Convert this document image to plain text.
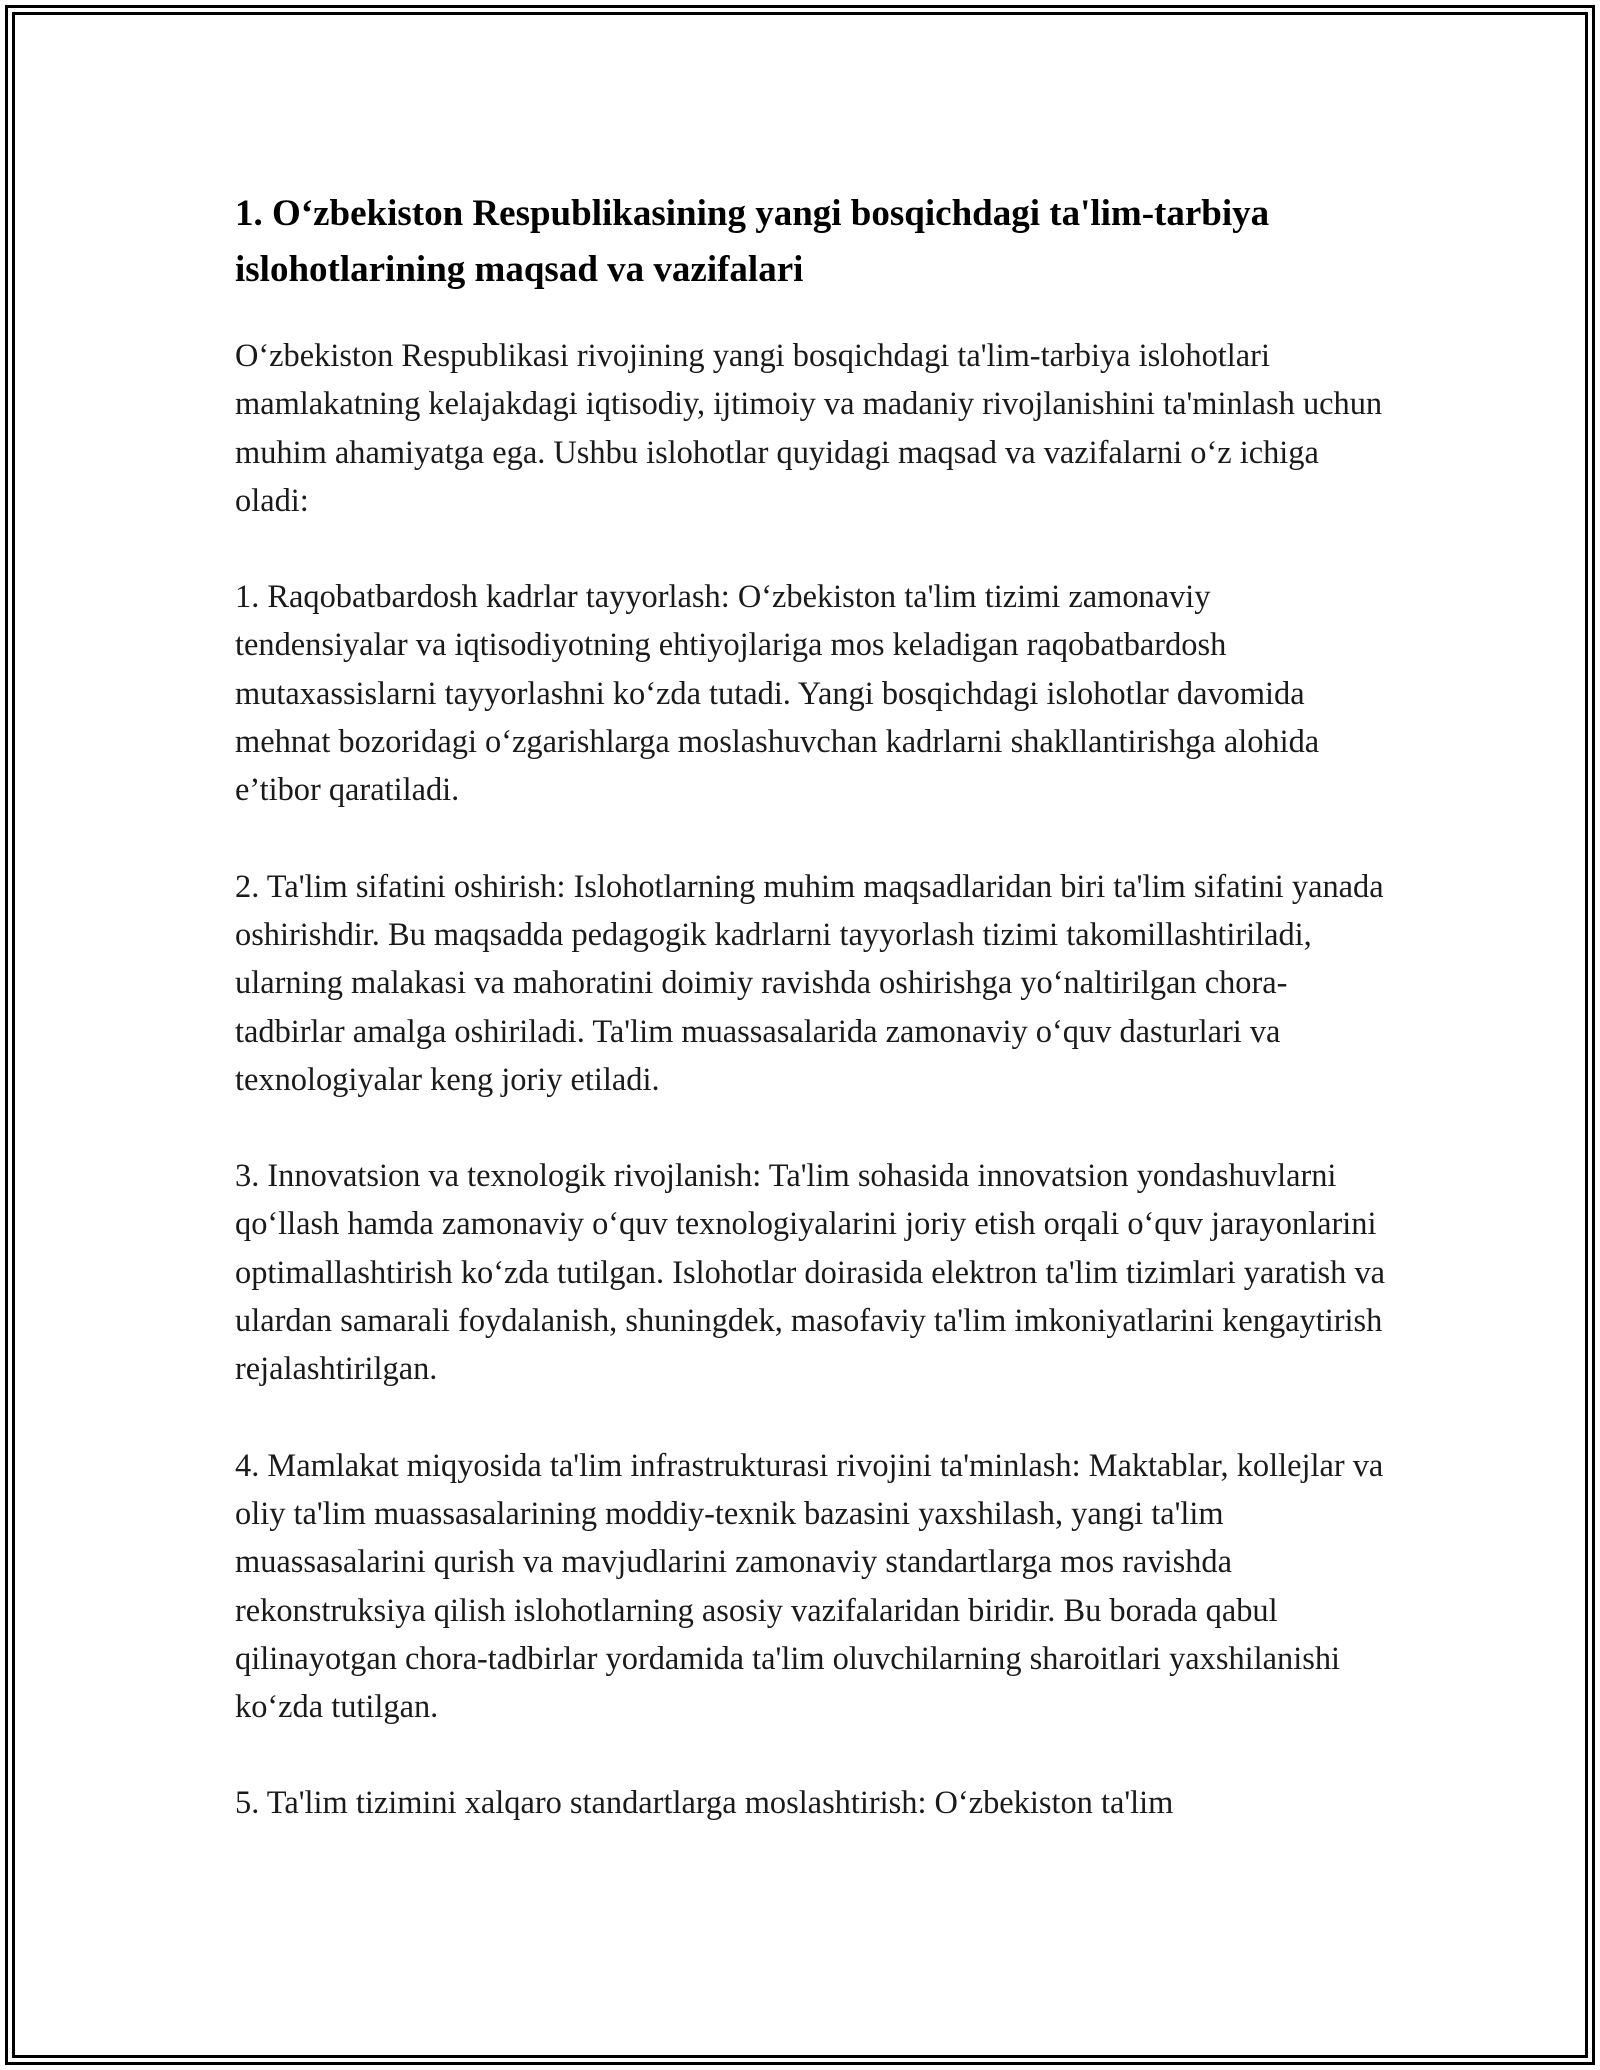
1. O‘zbekiston Respublikasining yangi bosqichdagi ta'lim-tarbiya islohotlarining maqsad va vazifalari

O‘zbekiston Respublikasi rivojining yangi bosqichdagi ta'lim-tarbiya islohotlari mamlakatning kelajakdagi iqtisodiy, ijtimoiy va madaniy rivojlanishini ta'minlash uchun muhim ahamiyatga ega. Ushbu islohotlar quyidagi maqsad va vazifalarni o‘z ichiga oladi:

1. Raqobatbardosh kadrlar tayyorlash: O‘zbekiston ta'lim tizimi zamonaviy tendensiyalar va iqtisodiyotning ehtiyojlariga mos keladigan raqobatbardosh mutaxassislarni tayyorlashni ko‘zda tutadi. Yangi bosqichdagi islohotlar davomida mehnat bozoridagi o‘zgarishlarga moslashuvchan kadrlarni shakllantirishga alohida e’tibor qaratiladi.

2. Ta'lim sifatini oshirish: Islohotlarning muhim maqsadlaridan biri ta'lim sifatini yanada oshirishdir. Bu maqsadda pedagogik kadrlarni tayyorlash tizimi takomillashtiriladi, ularning malakasi va mahoratini doimiy ravishda oshirishga yo‘naltirilgan chora-tadbirlar amalga oshiriladi. Ta'lim muassasalarida zamonaviy o‘quv dasturlari va texnologiyalar keng joriy etiladi.

3. Innovatsion va texnologik rivojlanish: Ta'lim sohasida innovatsion yondashuvlarni qo‘llash hamda zamonaviy o‘quv texnologiyalarini joriy etish orqali o‘quv jarayonlarini optimallashtirish ko‘zda tutilgan. Islohotlar doirasida elektron ta'lim tizimlari yaratish va ulardan samarali foydalanish, shuningdek, masofaviy ta'lim imkoniyatlarini kengaytirish rejalashtirilgan.

4. Mamlakat miqyosida ta'lim infrastrukturasi rivojini ta'minlash: Maktablar, kollejlar va oliy ta'lim muassasalarining moddiy-texnik bazasini yaxshilash, yangi ta'lim muassasalarini qurish va mavjudlarini zamonaviy standartlarga mos ravishda rekonstruksiya qilish islohotlarning asosiy vazifalaridan biridir. Bu borada qabul qilinayotgan chora-tadbirlar yordamida ta'lim oluvchilarning sharoitlari yaxshilanishi ko‘zda tutilgan.

5. Ta'lim tizimini xalqaro standartlarga moslashtirish: O‘zbekiston ta'lim
